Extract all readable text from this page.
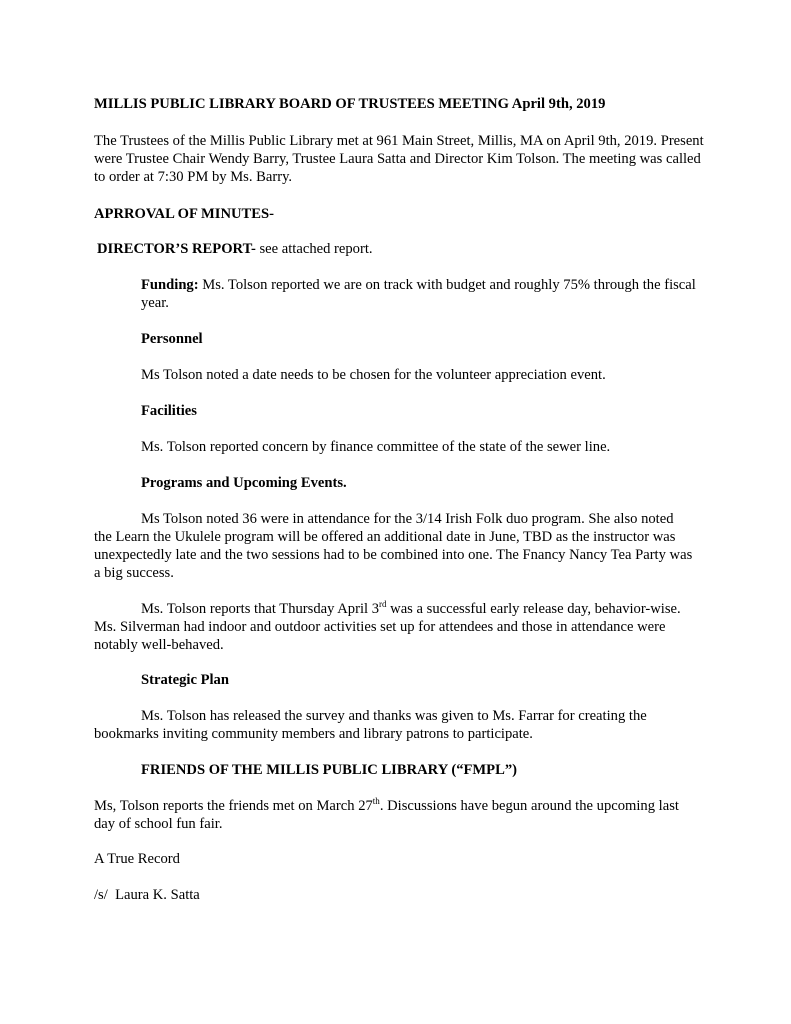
MILLIS PUBLIC LIBRARY BOARD OF TRUSTEES MEETING April 9th, 2019

The Trustees of the Millis Public Library met at 961 Main Street, Millis, MA on April 9th, 2019. Present were Trustee Chair Wendy Barry, Trustee Laura Satta and Director Kim Tolson. The meeting was called to order at 7:30 PM by Ms. Barry.

APRROVAL OF MINUTES-

DIRECTOR’S REPORT- see attached report.

Funding: Ms. Tolson reported we are on track with budget and roughly 75% through the fiscal year.

Personnel

Ms Tolson noted a date needs to be chosen for the volunteer appreciation event.

Facilities

Ms. Tolson reported concern by finance committee of the state of the sewer line.

Programs and Upcoming Events.

Ms Tolson noted 36 were in attendance for the 3/14 Irish Folk duo program. She also noted the Learn the Ukulele program will be offered an additional date in June, TBD as the instructor was unexpectedly late and the two sessions had to be combined into one. The Fnancy Nancy Tea Party was a big success.

Ms. Tolson reports that Thursday April 3rd was a successful early release day, behavior-wise. Ms. Silverman had indoor and outdoor activities set up for attendees and those in attendance were notably well-behaved.

Strategic Plan

Ms. Tolson has released the survey and thanks was given to Ms. Farrar for creating the bookmarks inviting community members and library patrons to participate.

FRIENDS OF THE MILLIS PUBLIC LIBRARY (“FMPL”)

Ms, Tolson reports the friends met on March 27th. Discussions have begun around the upcoming last day of school fun fair.

A True Record

/s/  Laura K. Satta
